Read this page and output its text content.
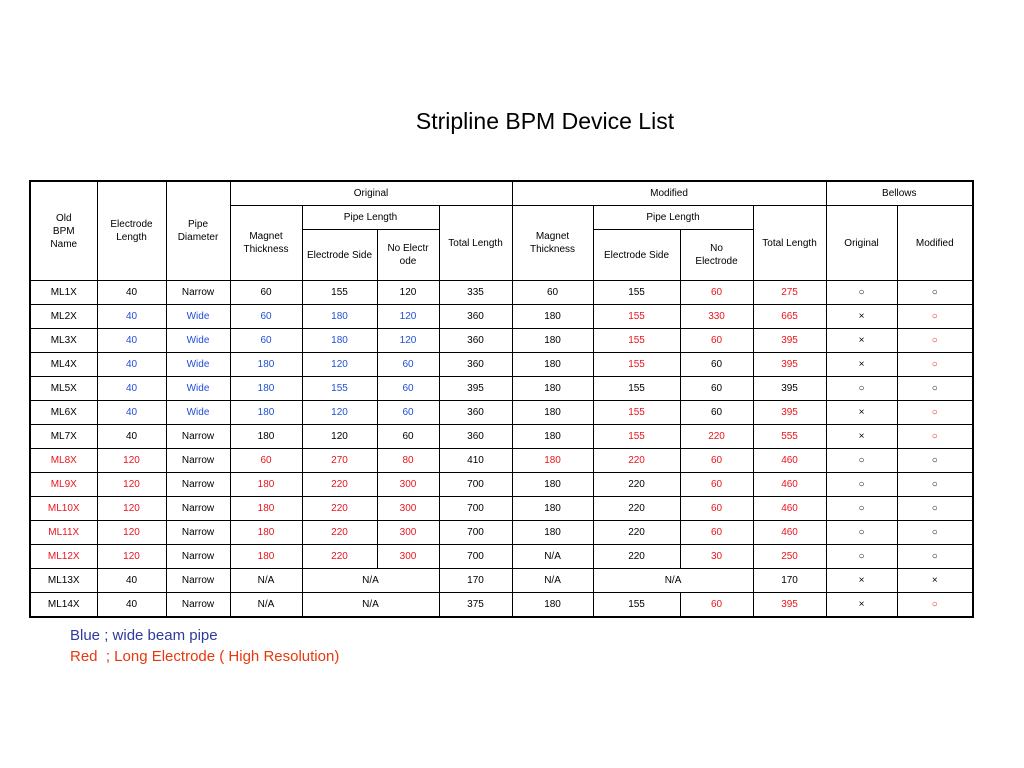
Stripline BPM Device List
Old BPM Name	Electrode Length	Pipe Diameter	Original				Modified				Bellows	
			Magnet Thickness	Pipe Length		Total Length	Magnet Thickness	Pipe Length		Total Length	Original	Modified
				Electrode Side	No Electrode			Electrode Side	No Electrode			
ML1X	40	Narrow	60	155	120	335	60	155	60	275	○	○
ML2X	40	Wide	60	180	120	360	180	155	330	665	×	○
ML3X	40	Wide	60	180	120	360	180	155	60	395	×	○
ML4X	40	Wide	180	120	60	360	180	155	60	395	×	○
ML5X	40	Wide	180	155	60	395	180	155	60	395	○	○
ML6X	40	Wide	180	120	60	360	180	155	60	395	×	○
ML7X	40	Narrow	180	120	60	360	180	155	220	555	×	○
ML8X	120	Narrow	60	270	80	410	180	220	60	460	○	○
ML9X	120	Narrow	180	220	300	700	180	220	60	460	○	○
ML10X	120	Narrow	180	220	300	700	180	220	60	460	○	○
ML11X	120	Narrow	180	220	300	700	180	220	60	460	○	○
ML12X	120	Narrow	180	220	300	700	N/A	220	30	250	○	○
ML13X	40	Narrow	N/A	N/A		170	N/A	N/A		170	×	×
ML14X	40	Narrow	N/A	N/A		375	180	155	60	395	×	○
Blue ; wide beam pipe
Red  ; Long Electrode ( High Resolution)
